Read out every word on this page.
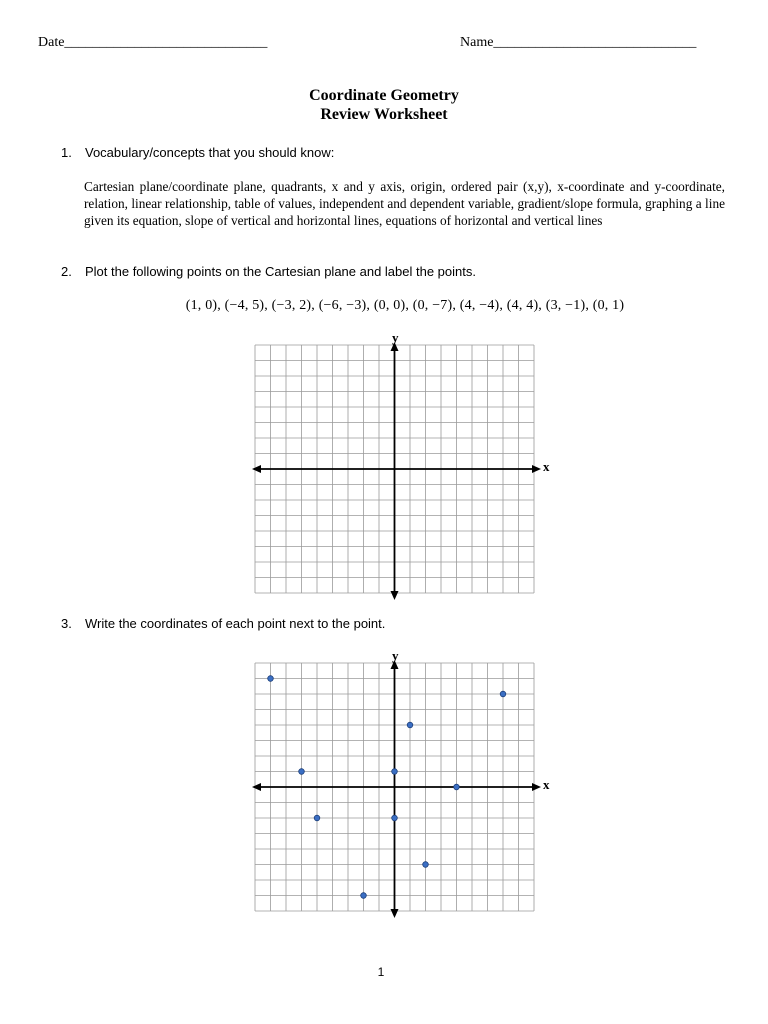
Date_____________________________	Name_____________________________
Coordinate Geometry
Review Worksheet
1. Vocabulary/concepts that you should know:
Cartesian plane/coordinate plane, quadrants, x and y axis, origin, ordered pair (x,y), x-coordinate and y-coordinate, relation, linear relationship, table of values, independent and dependent variable, gradient/slope formula, graphing a line given its equation, slope of vertical and horizontal lines, equations of horizontal and vertical lines
2. Plot the following points on the Cartesian plane and label the points.
(1, 0), (−4, 5), (−3, 2), (−6, −3), (0, 0), (0, −7), (4, −4), (4, 4), (3, −1), (0, 1)
y
x
3. Write the coordinates of each point next to the point.
y
x
1
